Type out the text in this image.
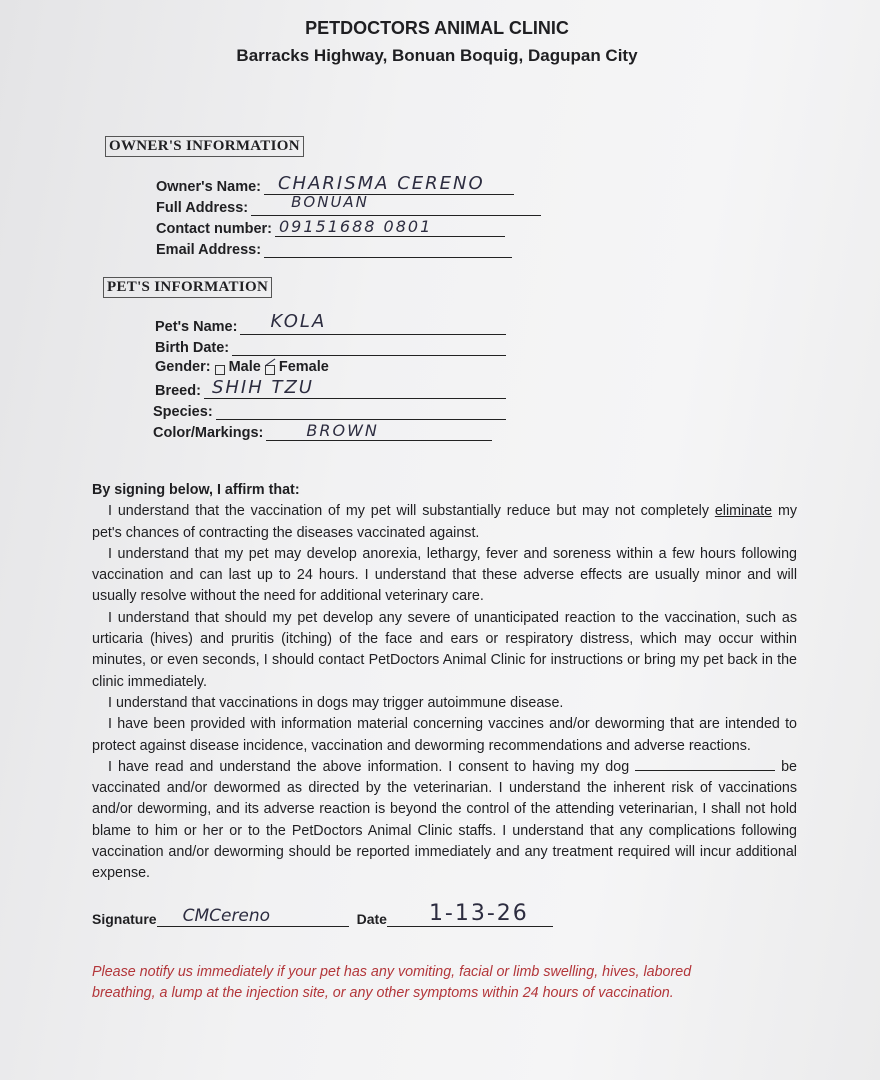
PETDOCTORS ANIMAL CLINIC
Barracks Highway, Bonuan Boquig, Dagupan City
OWNER'S INFORMATION
Owner's Name: CHARISMA CERENO
Full Address:	BONUAN
Contact number: 09151688 0801
Email Address:
PET'S INFORMATION
Pet's Name: KOLA
Birth Date:
Gender: Male Female
Breed: SHIH TZU
Species:
Color/Markings:	BROWN

By signing below, I affirm that:

I understand that the vaccination of my pet will substantially reduce but may not completely eliminate my pet's chances of contracting the diseases vaccinated against.

I understand that my pet may develop anorexia, lethargy, fever and soreness within a few hours following vaccination and can last up to 24 hours. I understand that these adverse effects are usually minor and will usually resolve without the need for additional veterinary care.

I understand that should my pet develop any severe of unanticipated reaction to the vaccination, such as urticaria (hives) and pruritis (itching) of the face and ears or respiratory distress, which may occur within minutes, or even seconds, I should contact PetDoctors Animal Clinic for instructions or bring my pet back in the clinic immediately.

I understand that vaccinations in dogs may trigger autoimmune disease.

I have been provided with information material concerning vaccines and/or deworming that are intended to protect against disease incidence, vaccination and deworming recommendations and adverse reactions.

I have read and understand the above information. I consent to having my dog	be vaccinated and/or dewormed as directed by the veterinarian. I understand the inherent risk of vaccinations and/or deworming, and its adverse reaction is beyond the control of the attending veterinarian, I shall not hold blame to him or her or to the PetDoctors Animal Clinic staffs. I understand that any complications following vaccination and/or deworming should be reported immediately and any treatment required will incur additional expense.

Signature CMCereno	Date 1-13-26
Please notify us immediately if your pet has any vomiting, facial or limb swelling, hives, labored breathing, a lump at the injection site, or any other symptoms within 24 hours of vaccination.
